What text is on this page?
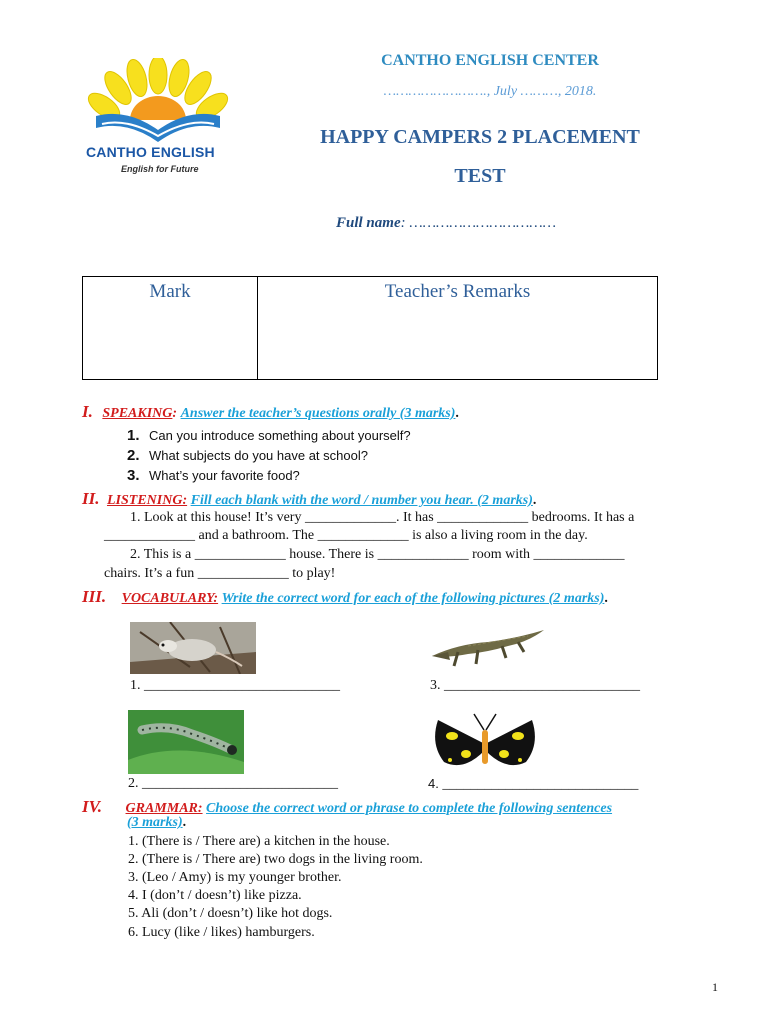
CANTHO ENGLISH
English for Future
CANTHO ENGLISH CENTER
……………………., July ………, 2018.
HAPPY CAMPERS 2 PLACEMENT
TEST
Full name: ……………………………
Mark	Teacher’s Remarks
I. SPEAKING: Answer the teacher’s questions orally (3 marks).
1. Can you introduce something about yourself?
2. What subjects do you have at school?
3. What’s your favorite food?
II. LISTENING: Fill each blank with the word / number you hear. (2 marks).
1. Look at this house! It’s very _____________. It has _____________ bedrooms. It has a
_____________ and a bathroom. The _____________ is also a living room in the day.
2. This is a _____________ house. There is _____________ room with _____________
chairs. It’s a fun _____________ to play!
III. VOCABULARY: Write the correct word for each of the following pictures (2 marks).
1. ____________________________	3. ____________________________
2. ____________________________	4. ____________________________
IV. GRAMMAR: Choose the correct word or phrase to complete the following sentences
(3 marks).
1. (There is / There are) a kitchen in the house.
2. (There is / There are) two dogs in the living room.
3. (Leo / Amy) is my younger brother.
4. I (don’t / doesn’t) like pizza.
5. Ali (don’t / doesn’t) like hot dogs.
6. Lucy (like / likes) hamburgers.
1
